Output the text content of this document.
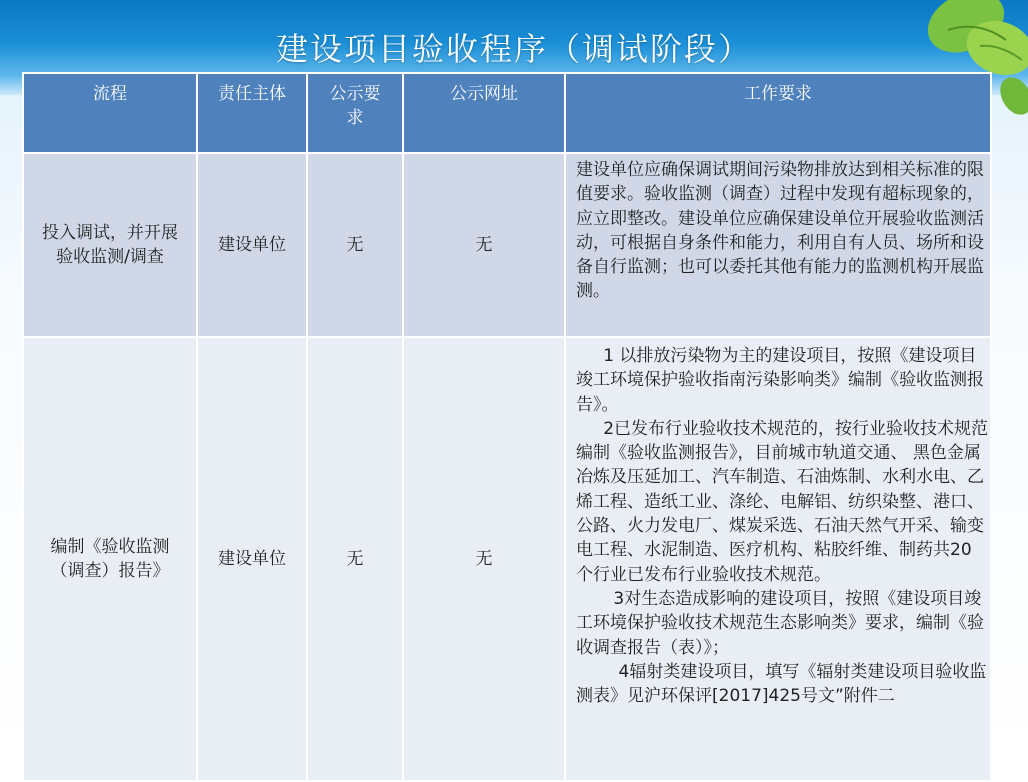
建设项目验收程序（调试阶段）
流程	责任主体	公示要求	公示网址	工作要求
投入调试，并开展验收监测/调查	建设单位	无	无	建设单位应确保调试期间污染物排放达到相关标准的限值要求。验收监测（调查）过程中发现有超标现象的，应立即整改。建设单位应确保建设单位开展验收监测活动，可根据自身条件和能力，利用自有人员、场所和设备自行监测；也可以委托其他有能力的监测机构开展监测。
编制《验收监测（调查）报告》	建设单位	无	无	1 以排放污染物为主的建设项目，按照《建设项目竣工环境保护验收指南污染影响类》编制《验收监测报告》。

2已发布行业验收技术规范的，按行业验收技术规范编制《验收监测报告》，目前城市轨道交通、 黑色金属冶炼及压延加工、汽车制造、石油炼制、水利水电、乙烯工程、造纸工业、涤纶、电解铝、纺织染整、港口、公路、火力发电厂、煤炭采选、石油天然气开采、输变电工程、水泥制造、医疗机构、粘胶纤维、制药共20个行业已发布行业验收技术规范。

3对生态造成影响的建设项目，按照《建设项目竣工环境保护验收技术规范生态影响类》要求，编制《验收调查报告（表）》；

4辐射类建设项目，填写《辐射类建设项目验收监测表》见沪环保评[2017]425号文”附件二
